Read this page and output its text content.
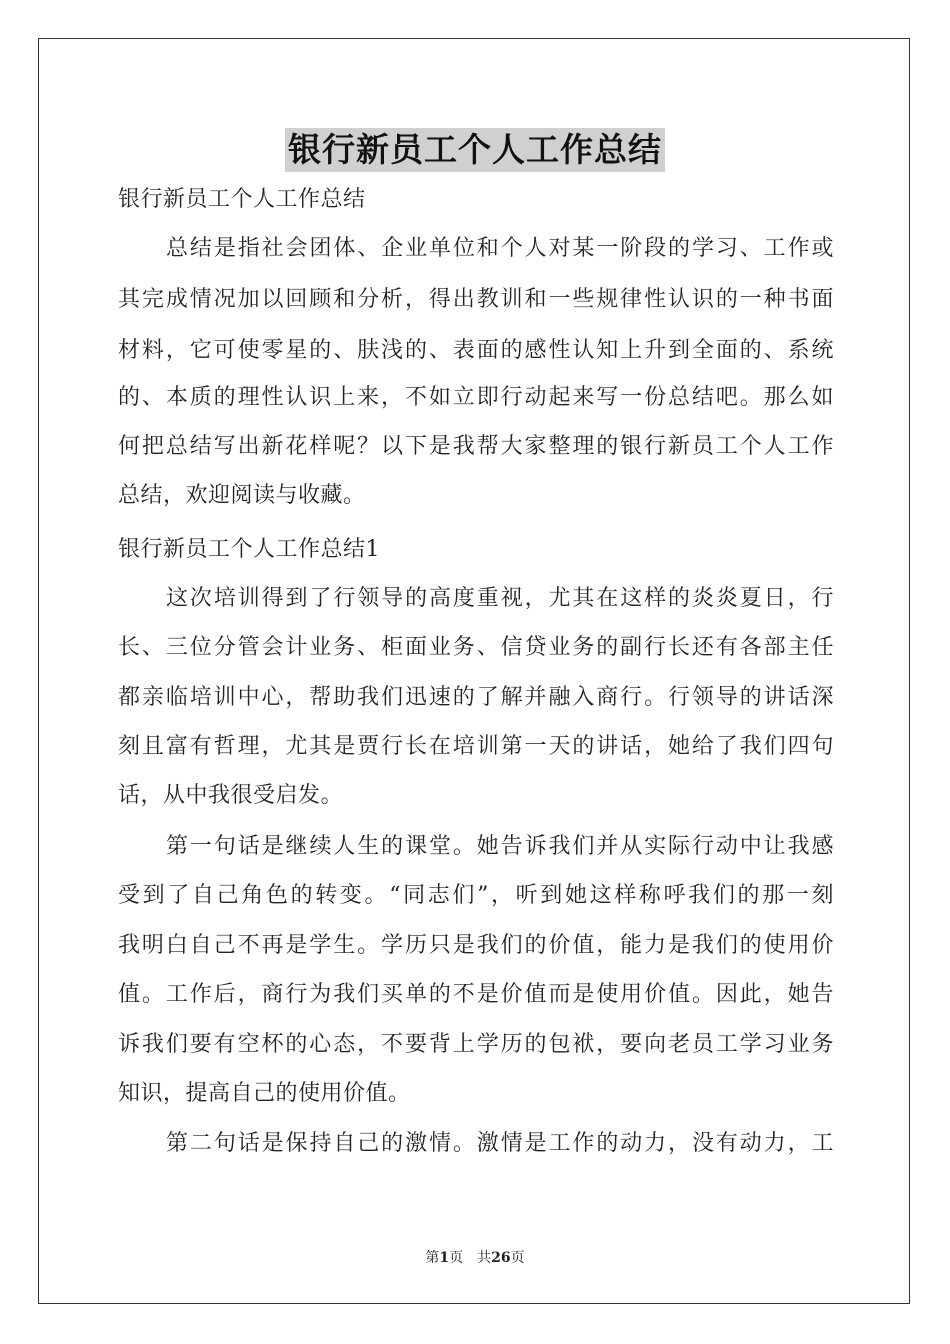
银行新员工个人工作总结
银行新员工个人工作总结
总结是指社会团体、企业单位和个人对某一阶段的学习、工作或
其完成情况加以回顾和分析，得出教训和一些规律性认识的一种书面
材料，它可使零星的、肤浅的、表面的感性认知上升到全面的、系统
的、本质的理性认识上来，不如立即行动起来写一份总结吧。那么如
何把总结写出新花样呢？以下是我帮大家整理的银行新员工个人工作
总结，欢迎阅读与收藏。
银行新员工个人工作总结1
这次培训得到了行领导的高度重视，尤其在这样的炎炎夏日，行
长、三位分管会计业务、柜面业务、信贷业务的副行长还有各部主任
都亲临培训中心，帮助我们迅速的了解并融入商行。行领导的讲话深
刻且富有哲理，尤其是贾行长在培训第一天的讲话，她给了我们四句
话，从中我很受启发。
第一句话是继续人生的课堂。她告诉我们并从实际行动中让我感
受到了自己角色的转变。“同志们”，听到她这样称呼我们的那一刻
我明白自己不再是学生。学历只是我们的价值，能力是我们的使用价
值。工作后，商行为我们买单的不是价值而是使用价值。因此，她告
诉我们要有空杯的心态，不要背上学历的包袱，要向老员工学习业务
知识，提高自己的使用价值。
第二句话是保持自己的激情。激情是工作的动力，没有动力，工
第1页　共26页
